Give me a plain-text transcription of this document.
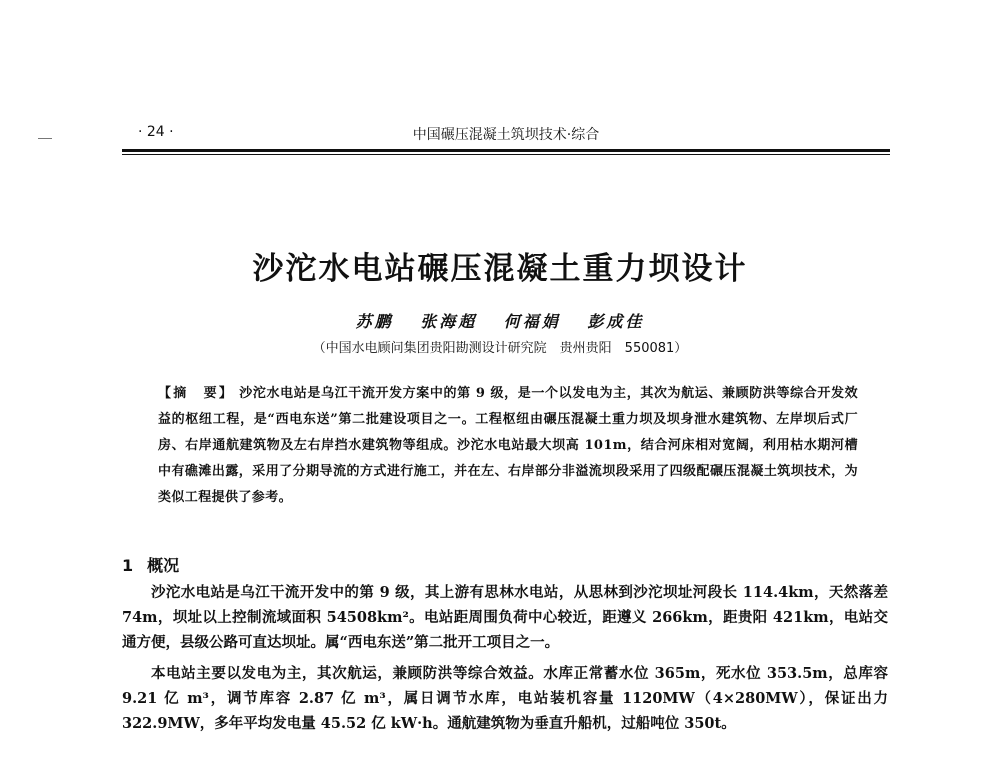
· 24 ·	中国碾压混凝土筑坝技术·综合
沙沱水电站碾压混凝土重力坝设计
苏鹏 张海超 何福娟 彭成佳
（中国水电顾问集团贵阳勘测设计研究院　贵州贵阳　550081）

【摘　要】 沙沱水电站是乌江干流开发方案中的第 9 级，是一个以发电为主，其次为航运、兼顾防洪等综合开发效益的枢纽工程，是“西电东送”第二批建设项目之一。工程枢纽由碾压混凝土重力坝及坝身泄水建筑物、左岸坝后式厂房、右岸通航建筑物及左右岸挡水建筑物等组成。沙沱水电站最大坝高 101m，结合河床相对宽阔，利用枯水期河槽中有礁滩出露，采用了分期导流的方式进行施工，并在左、右岸部分非溢流坝段采用了四级配碾压混凝土筑坝技术，为类似工程提供了参考。

1 概况

沙沱水电站是乌江干流开发中的第 9 级，其上游有思林水电站，从思林到沙沱坝址河段长 114.4km，天然落差 74m，坝址以上控制流域面积 54508km²。电站距周围负荷中心较近，距遵义 266km，距贵阳 421km，电站交通方便，县级公路可直达坝址。属“西电东送”第二批开工项目之一。

本电站主要以发电为主，其次航运，兼顾防洪等综合效益。水库正常蓄水位 365m，死水位 353.5m，总库容 9.21 亿 m³，调节库容 2.87 亿 m³，属日调节水库，电站装机容量 1120MW（4×280MW），保证出力 322.9MW，多年平均发电量 45.52 亿 kW·h。通航建筑物为垂直升船机，过船吨位 350t。
